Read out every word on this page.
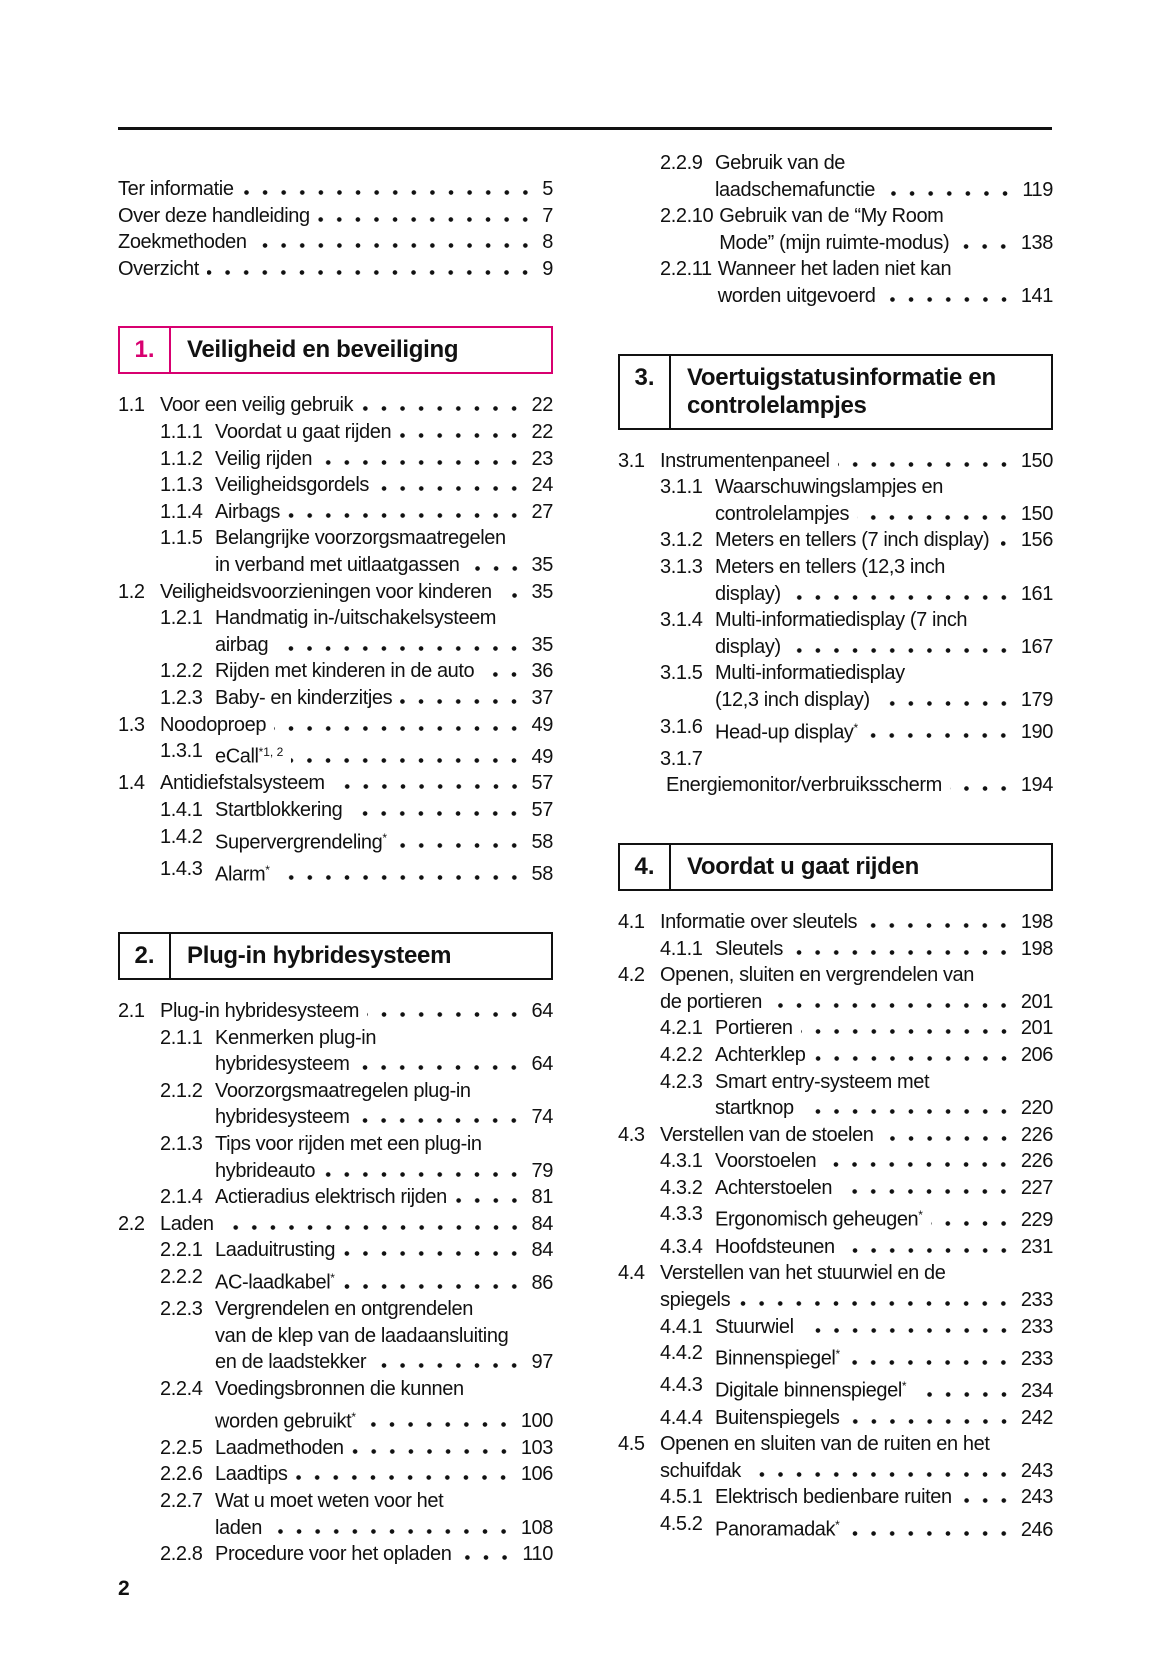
Ter informatie	5
Over deze handleiding	7
Zoekmethoden	8
Overzicht	9
1.	Veiligheid en beveiliging
1.1 Voor een veilig gebruik	22
1.1.1 Voordat u gaat rijden	22
1.1.2 Veilig rijden	23
1.1.3 Veiligheidsgordels	24
1.1.4 Airbags	27
1.1.5 Belangrijke voorzorgsmaatregelen
in verband met uitlaatgassen	35
1.2 Veiligheidsvoorzieningen voor kinderen 35
1.2.1 Handmatig in-/uitschakelsysteem
airbag	35
1.2.2 Rijden met kinderen in de auto	36
1.2.3 Baby- en kinderzitjes	37
1.3 Noodoproep	49
1.3.1 eCall$^{*1, 2}$	49
1.4 Antidiefstalsysteem	57
1.4.1 Startblokkering	57
1.4.2 Supervergrendeling*	58
1.4.3 Alarm*	58
2.	Plug-in hybridesysteem
2.1 Plug-in hybridesysteem	64
2.1.1 Kenmerken plug-in
hybridesysteem	64
2.1.2 Voorzorgsmaatregelen plug-in
hybridesysteem	74
2.1.3 Tips voor rijden met een plug-in
hybrideauto	79
2.1.4 Actieradius elektrisch rijden	81
2.2 Laden	84
2.2.1 Laaduitrusting	84
2.2.2 AC-laadkabel*	86
2.2.3 Vergrendelen en ontgrendelen
van de klep van de laadaansluiting
en de laadstekker	97
2.2.4 Voedingsbronnen die kunnen
worden gebruikt*	100
2.2.5 Laadmethoden	103
2.2.6 Laadtips	106
2.2.7 Wat u moet weten voor het
laden	108
2.2.8 Procedure voor het opladen	110
2.2.9 Gebruik van de
laadschemafunctie	119
2.2.10 Gebruik van de “My Room
Mode” (mijn ruimte-modus)	138
2.2.11 Wanneer het laden niet kan
worden uitgevoerd	141
3.	Voertuigstatusinformatie en
controlelampjes
3.1 Instrumentenpaneel	150
3.1.1 Waarschuwingslampjes en
controlelampjes	150
3.1.2 Meters en tellers (7 inch display) 156
3.1.3 Meters en tellers (12,3 inch
display)	161
3.1.4 Multi-informatiedisplay (7 inch
display)	167
3.1.5 Multi-informatiedisplay
(12,3 inch display)	179
3.1.6 Head-up display*	190
3.1.7
Energiemonitor/verbruiksscherm	194
4.	Voordat u gaat rijden
4.1 Informatie over sleutels	198
4.1.1 Sleutels	198
4.2 Openen, sluiten en vergrendelen van
de portieren	201
4.2.1 Portieren	201
4.2.2 Achterklep	206
4.2.3 Smart entry-systeem met
startknop	220
4.3 Verstellen van de stoelen	226
4.3.1 Voorstoelen	226
4.3.2 Achterstoelen	227
4.3.3 Ergonomisch geheugen*	229
4.3.4 Hoofdsteunen	231
4.4 Verstellen van het stuurwiel en de
spiegels	233
4.4.1 Stuurwiel	233
4.4.2 Binnenspiegel*	233
4.4.3 Digitale binnenspiegel*	234
4.4.4 Buitenspiegels	242
4.5 Openen en sluiten van de ruiten en het
schuifdak	243
4.5.1 Elektrisch bedienbare ruiten	243
4.5.2 Panoramadak*	246
2
